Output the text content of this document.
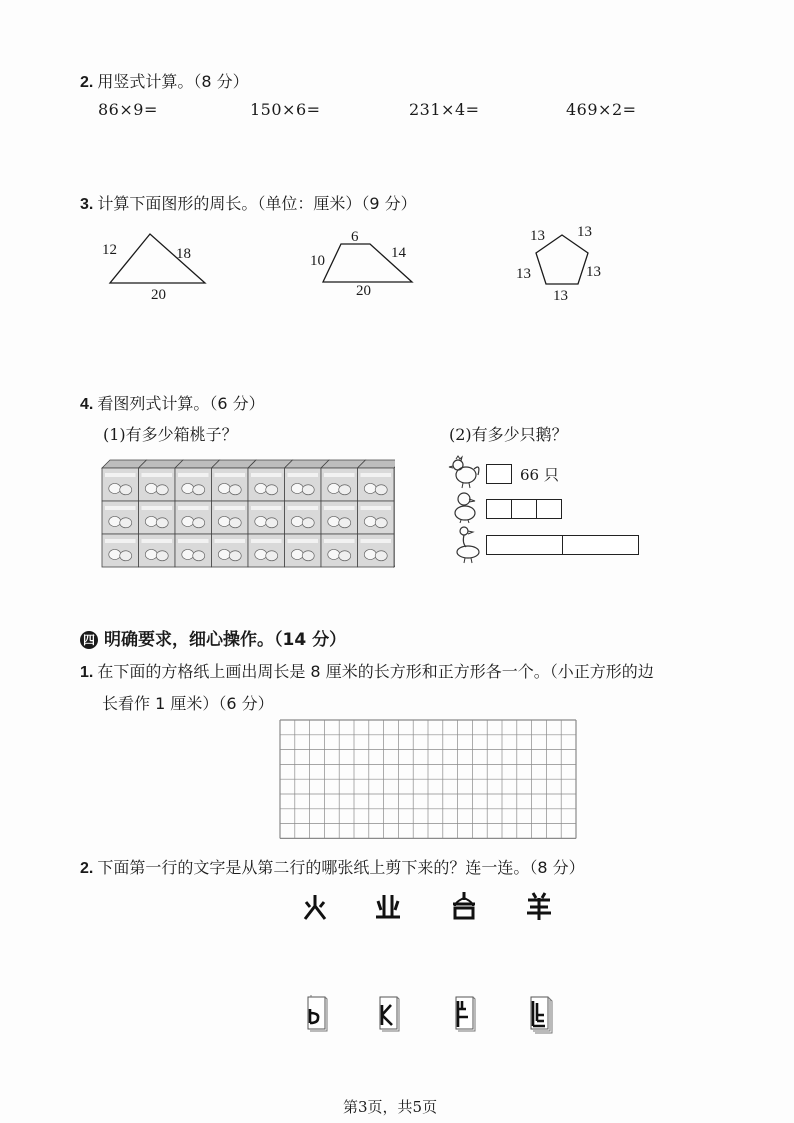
2. 用竖式计算。（8 分）
86×9=	150×6=	231×4=	469×2=
3. 计算下面图形的周长。（单位：厘米）（9 分）
12	18
20
6
10	14
20
13 13
13	13
13
4. 看图列式计算。（6 分）
(1)有多少箱桃子？	(2)有多少只鹅？
66 只
四 明确要求，细心操作。（14 分）
1. 在下面的方格纸上画出周长是 8 厘米的长方形和正方形各一个。（小正方形的边
长看作 1 厘米）（6 分）
2. 下面第一行的文字是从第二行的哪张纸上剪下来的？连一连。（8 分）
第3页，共5页
